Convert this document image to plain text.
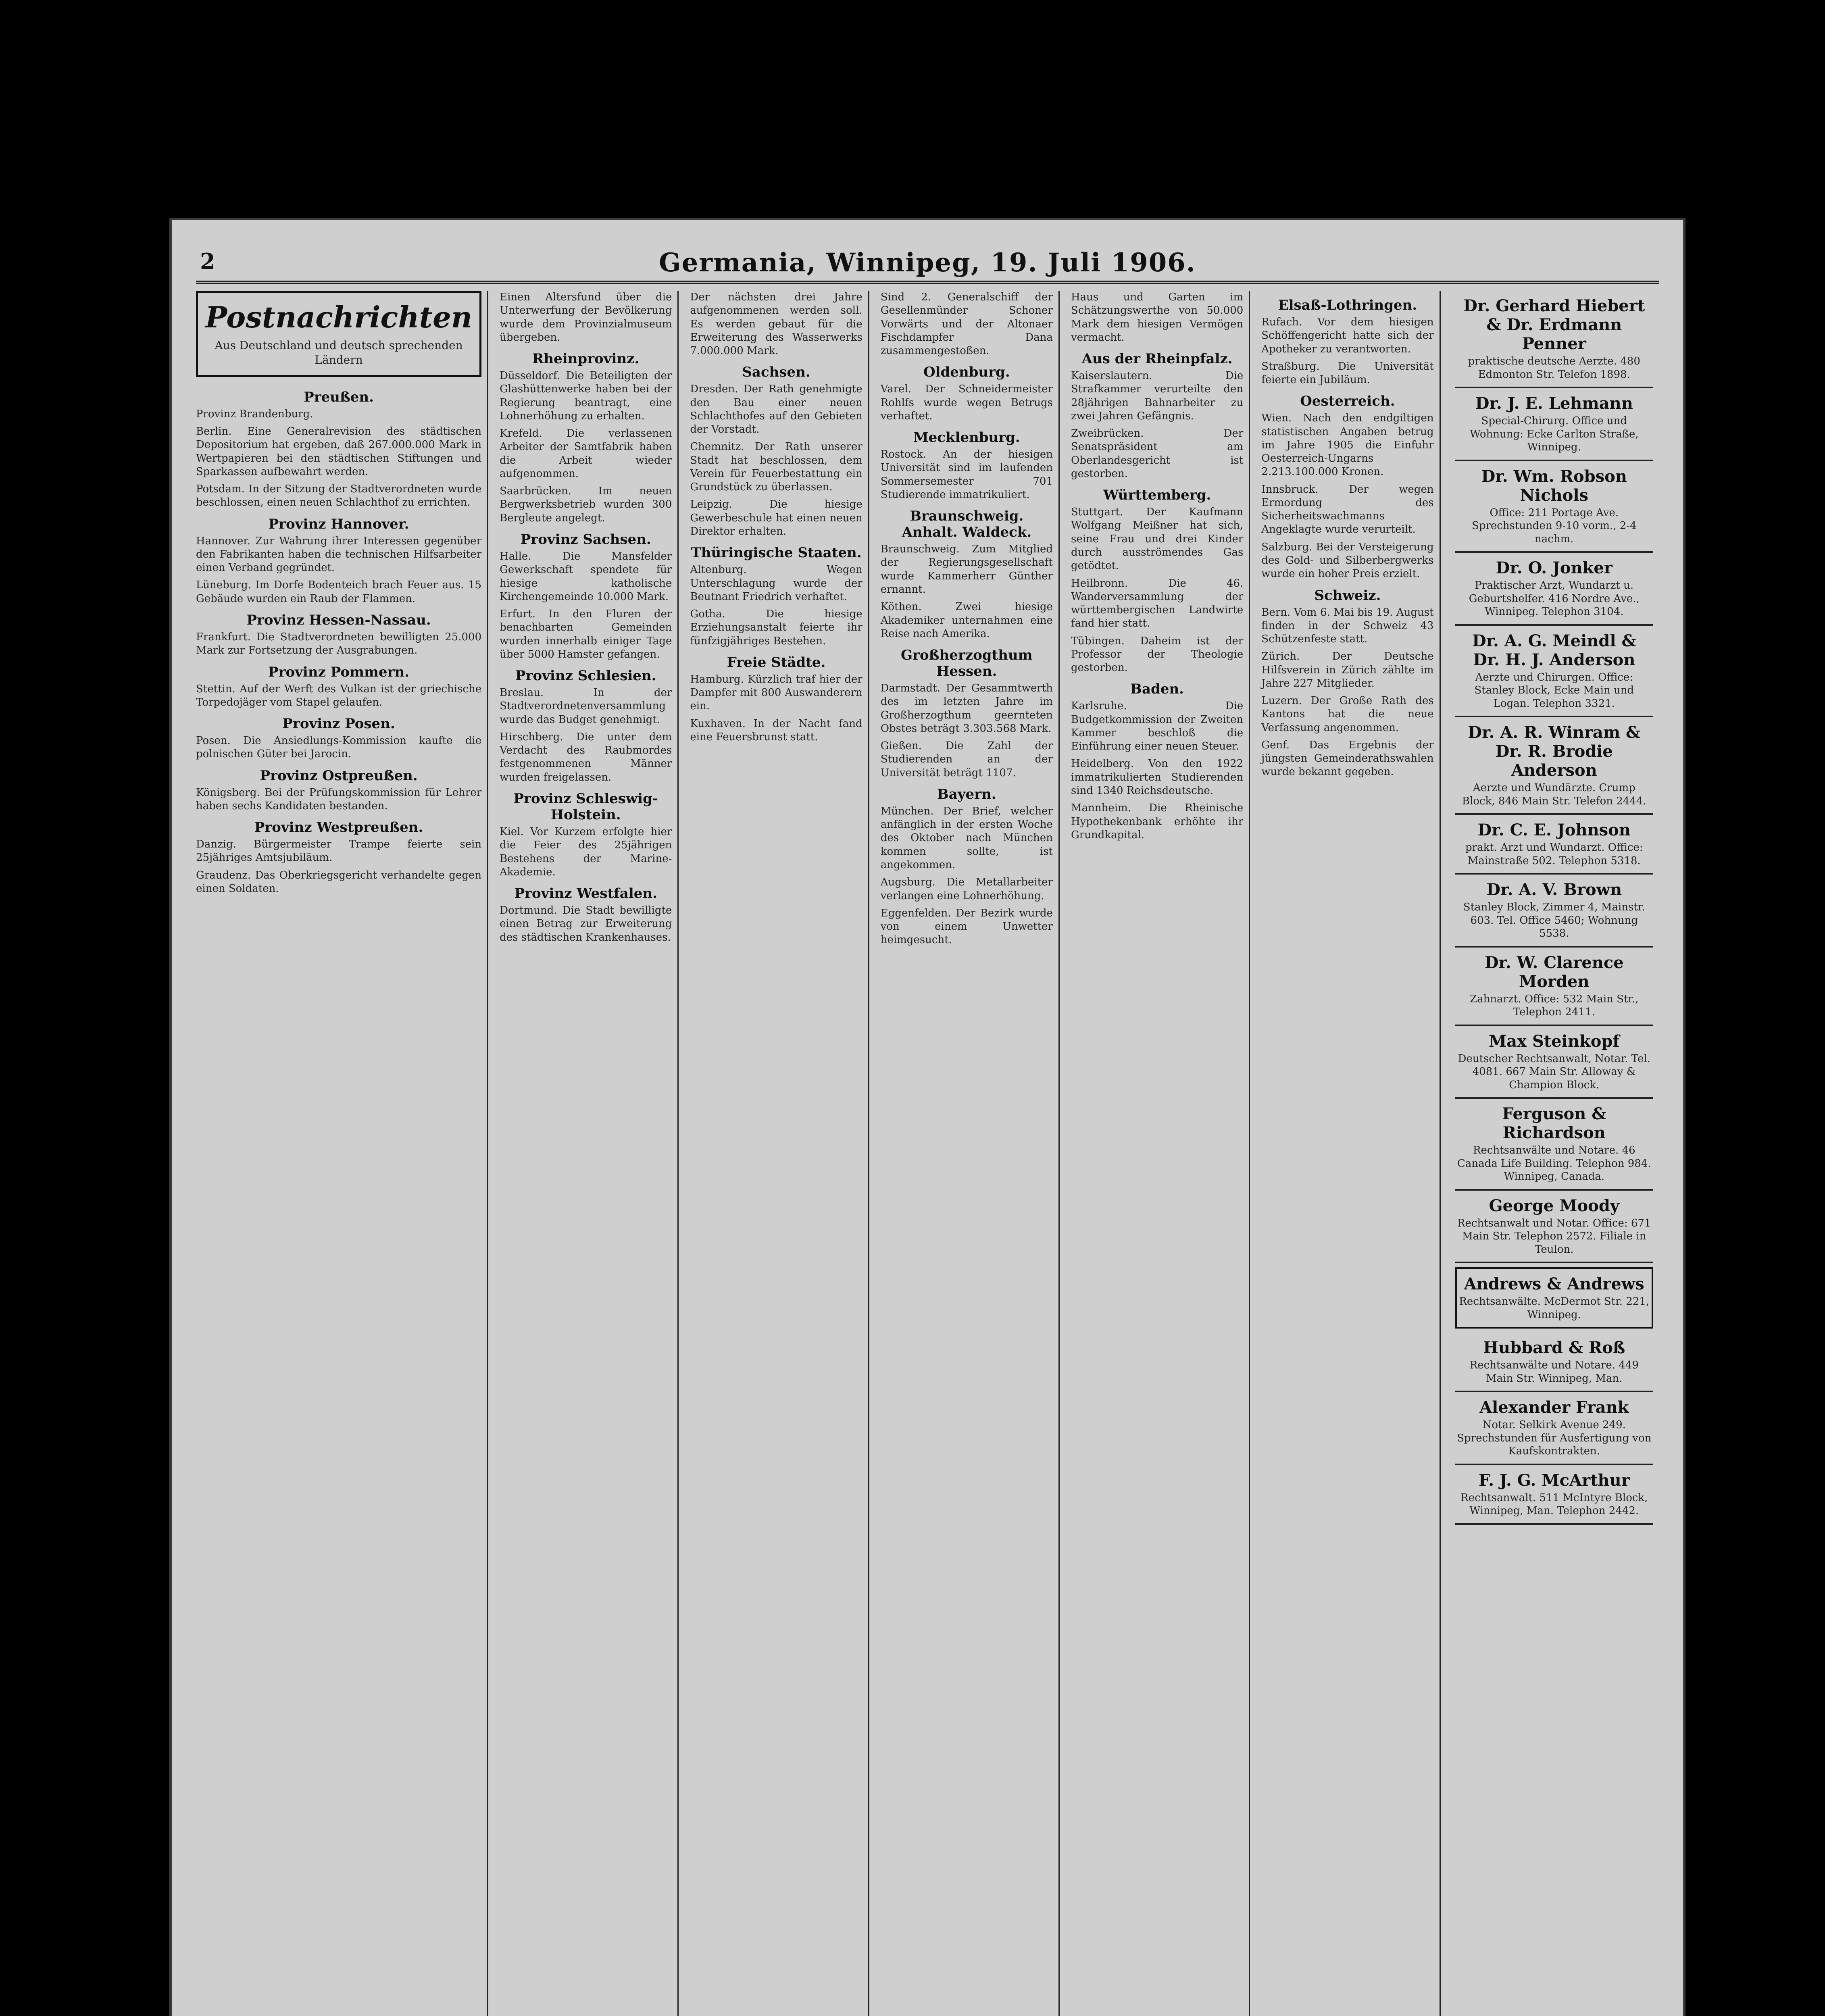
2	Germania, Winnipeg, 19. Juli 1906.
Postnachrichten
Aus Deutschland und deutsch sprechenden Ländern
Preußen.

Provinz Brandenburg.

Berlin. Eine Generalrevision des städtischen Depositorium hat ergeben, daß 267.000.000 Mark in Wertpapieren bei den städtischen Stiftungen und Sparkassen aufbewahrt werden.

Potsdam. In der Sitzung der Stadtverordneten wurde beschlossen, einen neuen Schlachthof zu errichten.

Provinz Hannover.

Hannover. Zur Wahrung ihrer Interessen gegenüber den Fabrikanten haben die technischen Hilfsarbeiter einen Verband gegründet.

Lüneburg. Im Dorfe Bodenteich brach Feuer aus. 15 Gebäude wurden ein Raub der Flammen.

Provinz Hessen-Nassau.

Frankfurt. Die Stadtverordneten bewilligten 25.000 Mark zur Fortsetzung der Ausgrabungen.

Provinz Pommern.

Stettin. Auf der Werft des Vulkan ist der griechische Torpedojäger vom Stapel gelaufen.

Provinz Posen.

Posen. Die Ansiedlungs-Kommission kaufte die polnischen Güter bei Jarocin.

Provinz Ostpreußen.

Königsberg. Bei der Prüfungskommission für Lehrer haben sechs Kandidaten bestanden.

Provinz Westpreußen.

Danzig. Bürgermeister Trampe feierte sein 25jähriges Amtsjubiläum.

Graudenz. Das Oberkriegsgericht verhandelte gegen einen Soldaten.

Einen Altersfund über die Unterwerfung der Bevölkerung wurde dem Provinzialmuseum übergeben.

Rheinprovinz.

Düsseldorf. Die Beteiligten der Glashüttenwerke haben bei der Regierung beantragt, eine Lohnerhöhung zu erhalten.

Krefeld. Die verlassenen Arbeiter der Samtfabrik haben die Arbeit wieder aufgenommen.

Saarbrücken. Im neuen Bergwerksbetrieb wurden 300 Bergleute angelegt.

Provinz Sachsen.

Halle. Die Mansfelder Gewerkschaft spendete für hiesige katholische Kirchengemeinde 10.000 Mark.

Erfurt. In den Fluren der benachbarten Gemeinden wurden innerhalb einiger Tage über 5000 Hamster gefangen.

Provinz Schlesien.

Breslau. In der Stadtverordnetenversammlung wurde das Budget genehmigt.

Hirschberg. Die unter dem Verdacht des Raubmordes festgenommenen Männer wurden freigelassen.

Provinz Schleswig-Holstein.

Kiel. Vor Kurzem erfolgte hier die Feier des 25jährigen Bestehens der Marine-Akademie.

Provinz Westfalen.

Dortmund. Die Stadt bewilligte einen Betrag zur Erweiterung des städtischen Krankenhauses.

Der nächsten drei Jahre aufgenommenen werden soll. Es werden gebaut für die Erweiterung des Wasserwerks 7.000.000 Mark.

Sachsen.

Dresden. Der Rath genehmigte den Bau einer neuen Schlachthofes auf den Gebieten der Vorstadt.

Chemnitz. Der Rath unserer Stadt hat beschlossen, dem Verein für Feuerbestattung ein Grundstück zu überlassen.

Leipzig. Die hiesige Gewerbeschule hat einen neuen Direktor erhalten.

Thüringische Staaten.

Altenburg. Wegen Unterschlagung wurde der Beutnant Friedrich verhaftet.

Gotha. Die hiesige Erziehungsanstalt feierte ihr fünfzigjähriges Bestehen.

Freie Städte.

Hamburg. Kürzlich traf hier der Dampfer mit 800 Auswanderern ein.

Kuxhaven. In der Nacht fand eine Feuersbrunst statt.

Sind 2. Generalschiff der Gesellenmünder Schoner Vorwärts und der Altonaer Fischdampfer Dana zusammengestoßen.

Oldenburg.

Varel. Der Schneidermeister Rohlfs wurde wegen Betrugs verhaftet.

Mecklenburg.

Rostock. An der hiesigen Universität sind im laufenden Sommersemester 701 Studierende immatrikuliert.

Braunschweig. Anhalt. Waldeck.

Braunschweig. Zum Mitglied der Regierungsgesellschaft wurde Kammerherr Günther ernannt.

Köthen. Zwei hiesige Akademiker unternahmen eine Reise nach Amerika.

Großherzogthum Hessen.

Darmstadt. Der Gesammtwerth des im letzten Jahre im Großherzogthum geernteten Obstes beträgt 3.303.568 Mark.

Gießen. Die Zahl der Studierenden an der Universität beträgt 1107.

Bayern.

München. Der Brief, welcher anfänglich in der ersten Woche des Oktober nach München kommen sollte, ist angekommen.

Augsburg. Die Metallarbeiter verlangen eine Lohnerhöhung.

Eggenfelden. Der Bezirk wurde von einem Unwetter heimgesucht.

Haus und Garten im Schätzungswerthe von 50.000 Mark dem hiesigen Vermögen vermacht.

Aus der Rheinpfalz.

Kaiserslautern. Die Strafkammer verurteilte den 28jährigen Bahnarbeiter zu zwei Jahren Gefängnis.

Zweibrücken. Der Senatspräsident am Oberlandesgericht ist gestorben.

Württemberg.

Stuttgart. Der Kaufmann Wolfgang Meißner hat sich, seine Frau und drei Kinder durch ausströmendes Gas getödtet.

Heilbronn. Die 46. Wanderversammlung der württembergischen Landwirte fand hier statt.

Tübingen. Daheim ist der Professor der Theologie gestorben.

Baden.

Karlsruhe. Die Budgetkommission der Zweiten Kammer beschloß die Einführung einer neuen Steuer.

Heidelberg. Von den 1922 immatrikulierten Studierenden sind 1340 Reichsdeutsche.

Mannheim. Die Rheinische Hypothekenbank erhöhte ihr Grundkapital.

Elsaß-Lothringen.

Rufach. Vor dem hiesigen Schöffengericht hatte sich der Apotheker zu verantworten.

Straßburg. Die Universität feierte ein Jubiläum.

Oesterreich.

Wien. Nach den endgiltigen statistischen Angaben betrug im Jahre 1905 die Einfuhr Oesterreich-Ungarns 2.213.100.000 Kronen.

Innsbruck. Der wegen Ermordung des Sicherheitswachmanns Angeklagte wurde verurteilt.

Salzburg. Bei der Versteigerung des Gold- und Silberbergwerks wurde ein hoher Preis erzielt.

Schweiz.

Bern. Vom 6. Mai bis 19. August finden in der Schweiz 43 Schützenfeste statt.

Zürich. Der Deutsche Hilfsverein in Zürich zählte im Jahre 227 Mitglieder.

Luzern. Der Große Rath des Kantons hat die neue Verfassung angenommen.

Genf. Das Ergebnis der jüngsten Gemeinderathswahlen wurde bekannt gegeben.

Dr. Gerhard Hiebert & Dr. Erdmann Penner
praktische deutsche Aerzte. 480 Edmonton Str. Telefon 1898.
Dr. J. E. Lehmann
Special-Chirurg. Office und Wohnung: Ecke Carlton Straße, Winnipeg.
Dr. Wm. Robson Nichols
Office: 211 Portage Ave. Sprechstunden 9-10 vorm., 2-4 nachm.
Dr. O. Jonker
Praktischer Arzt, Wundarzt u. Geburtshelfer. 416 Nordre Ave., Winnipeg. Telephon 3104.
Dr. A. G. Meindl & Dr. H. J. Anderson
Aerzte und Chirurgen. Office: Stanley Block, Ecke Main und Logan. Telephon 3321.
Dr. A. R. Winram & Dr. R. Brodie Anderson
Aerzte und Wundärzte. Crump Block, 846 Main Str. Telefon 2444.
Dr. C. E. Johnson
prakt. Arzt und Wundarzt. Office: Mainstraße 502. Telephon 5318.
Dr. A. V. Brown
Stanley Block, Zimmer 4, Mainstr. 603. Tel. Office 5460; Wohnung 5538.
Dr. W. Clarence Morden
Zahnarzt. Office: 532 Main Str., Telephon 2411.
Max Steinkopf
Deutscher Rechtsanwalt, Notar. Tel. 4081. 667 Main Str. Alloway & Champion Block.
Ferguson & Richardson
Rechtsanwälte und Notare. 46 Canada Life Building. Telephon 984. Winnipeg, Canada.
George Moody
Rechtsanwalt und Notar. Office: 671 Main Str. Telephon 2572. Filiale in Teulon.
Andrews & Andrews
Rechtsanwälte. McDermot Str. 221, Winnipeg.
Hubbard & Roß
Rechtsanwälte und Notare. 449 Main Str. Winnipeg, Man.
Alexander Frank
Notar. Selkirk Avenue 249. Sprechstunden für Ausfertigung von Kaufskontrakten.
F. J. G. McArthur
Rechtsanwalt. 511 McIntyre Block, Winnipeg, Man. Telephon 2442.
